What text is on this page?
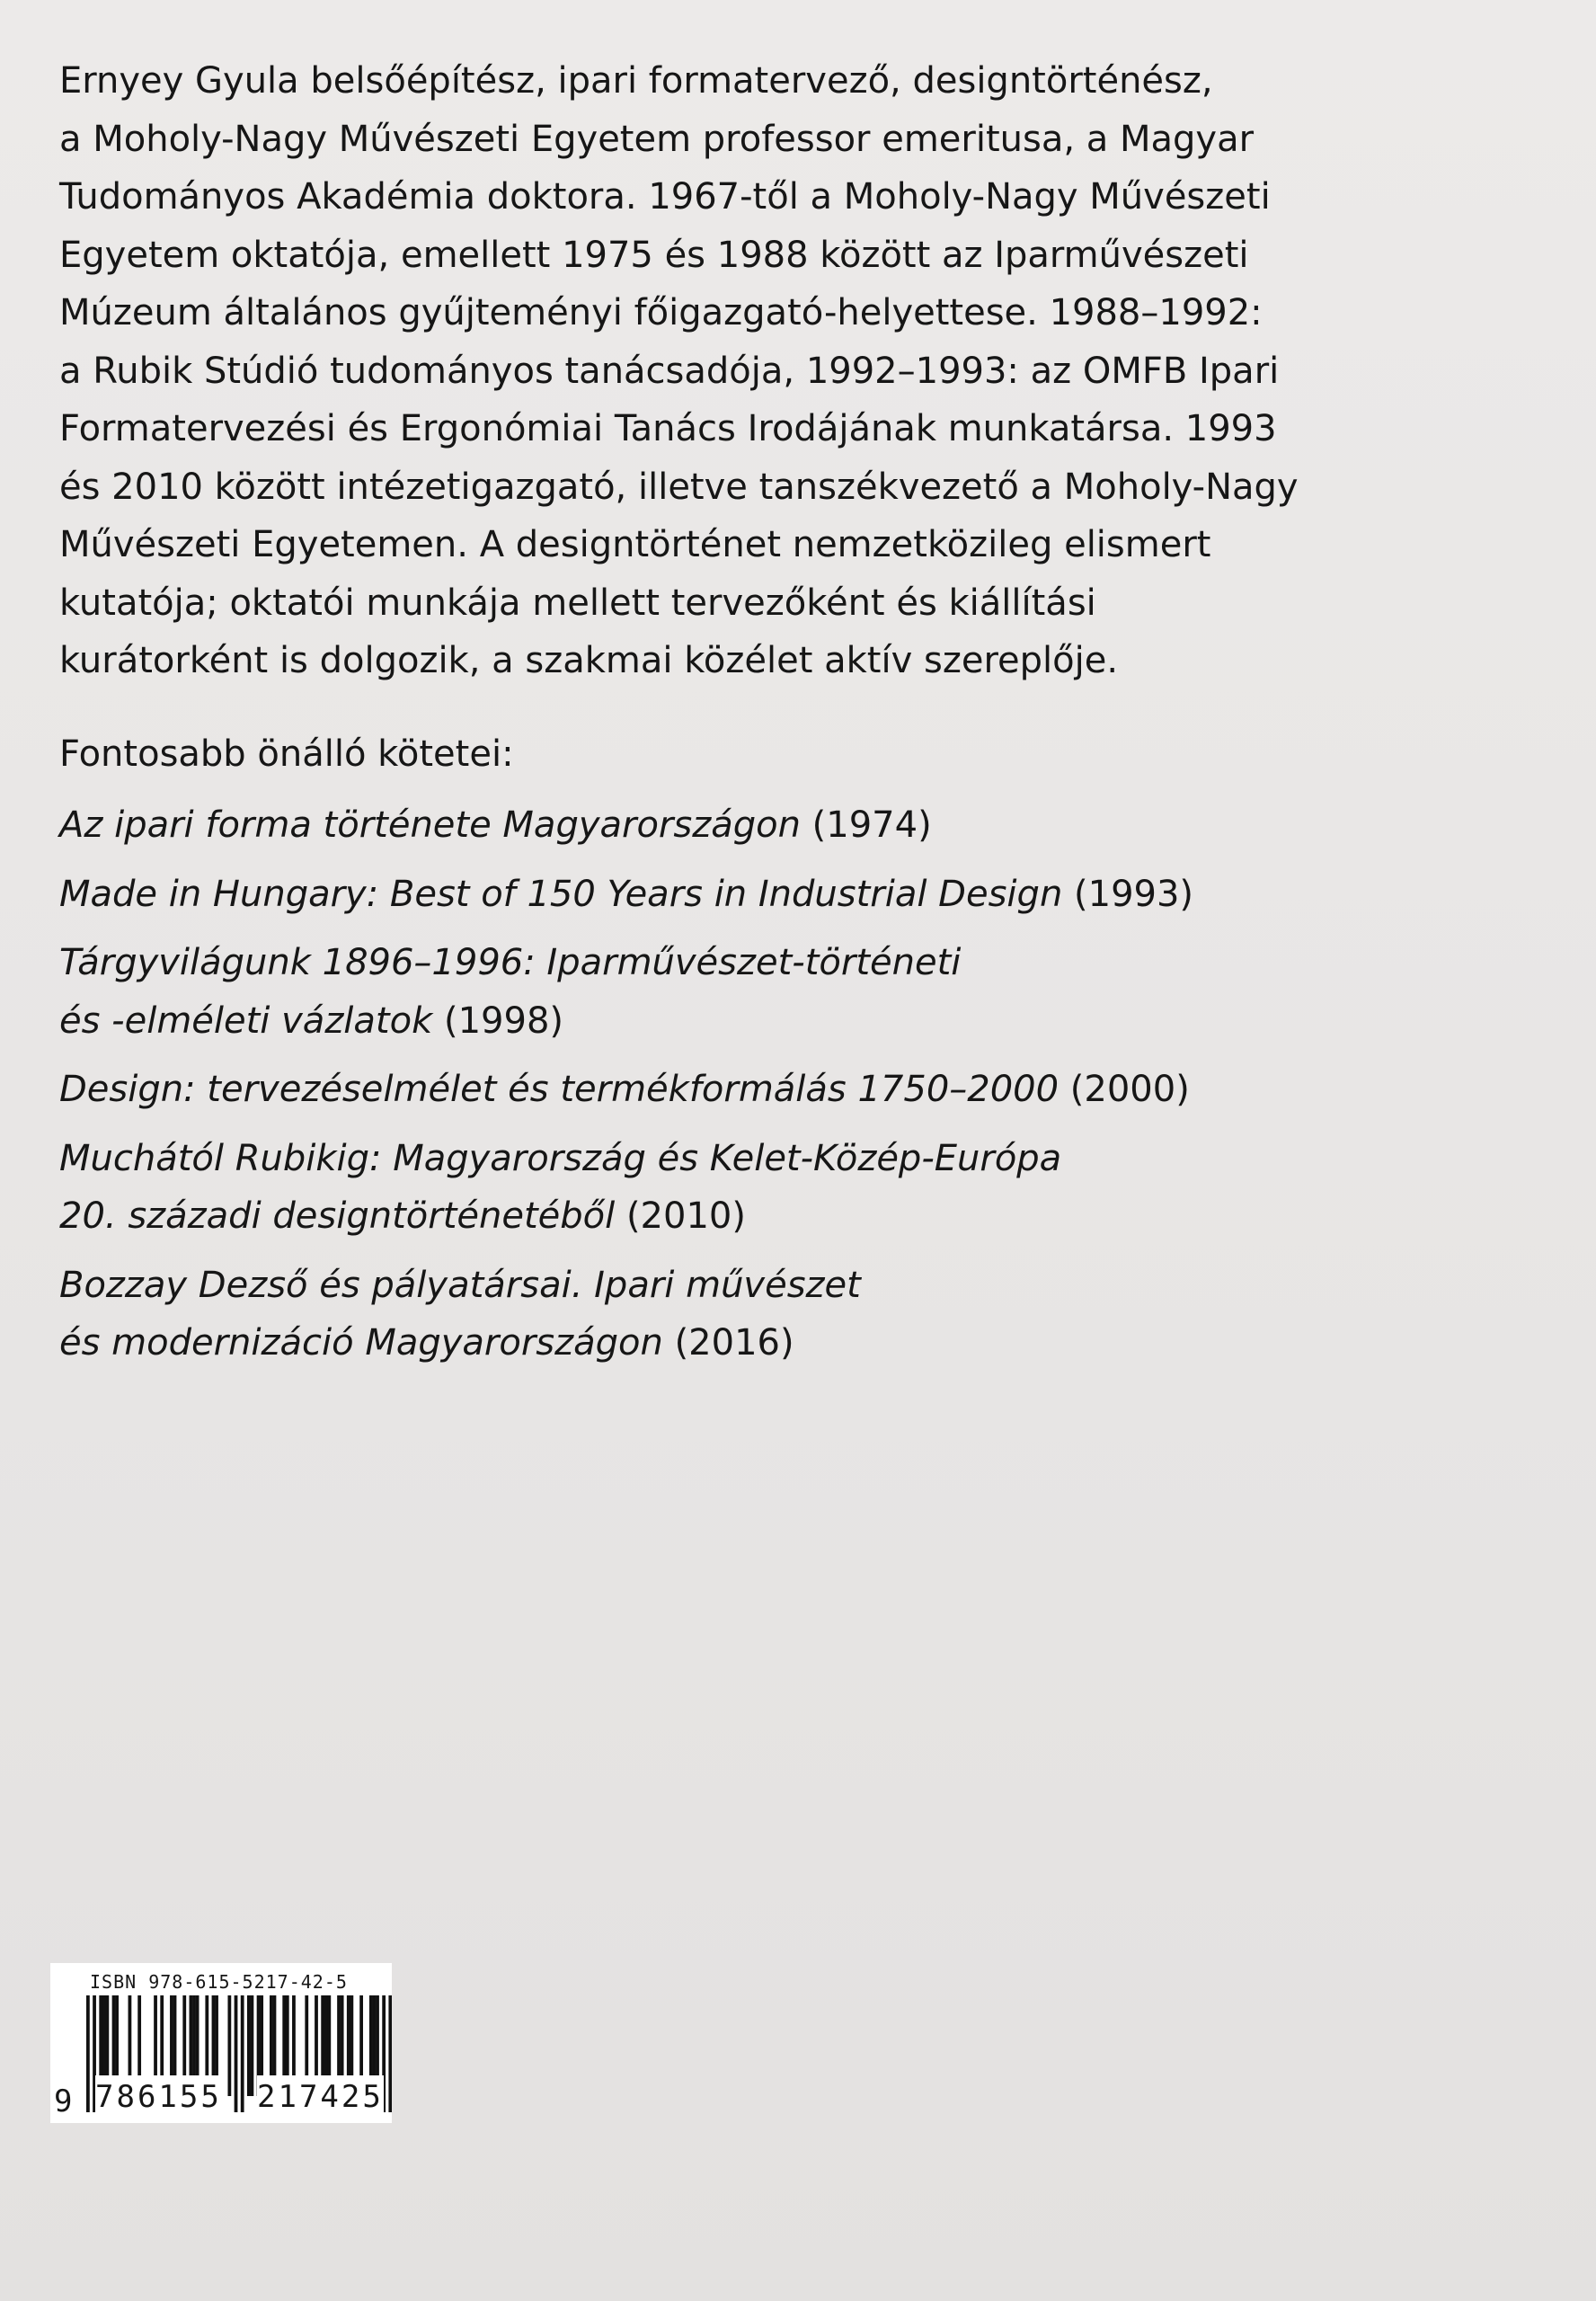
Ernyey Gyula belsőépítész, ipari formatervező, designtörténész,
a Moholy-Nagy Művészeti Egyetem professor emeritusa, a Magyar
Tudományos Akadémia doktora. 1967-től a Moholy-Nagy Művészeti
Egyetem oktatója, emellett 1975 és 1988 között az Iparművészeti
Múzeum általános gyűjteményi főigazgató-helyettese. 1988–1992:
a Rubik Stúdió tudományos tanácsadója, 1992–1993: az OMFB Ipari
Formatervezési és Ergonómiai Tanács Irodájának munkatársa. 1993
és 2010 között intézetigazgató, illetve tanszékvezető a Moholy-Nagy
Művészeti Egyetemen. A designtörténet nemzetközileg elismert
kutatója; oktatói munkája mellett tervezőként és kiállítási
kurátorként is dolgozik, a szakmai közélet aktív szereplője.
Fontosabb önálló kötetei:
Az ipari forma története Magyarországon (1974)
Made in Hungary: Best of 150 Years in Industrial Design (1993)
Tárgyvilágunk 1896–1996: Iparművészet-történeti
és -elméleti vázlatok (1998)
Design: tervezéselmélet és termékformálás 1750–2000 (2000)
Muchától Rubikig: Magyarország és Kelet-Közép-Európa
20. századi designtörténetéből (2010)
Bozzay Dezső és pályatársai. Ipari művészet
és modernizáció Magyarországon (2016)
ISBN 978-615-5217-42-5
9 786155 217425
